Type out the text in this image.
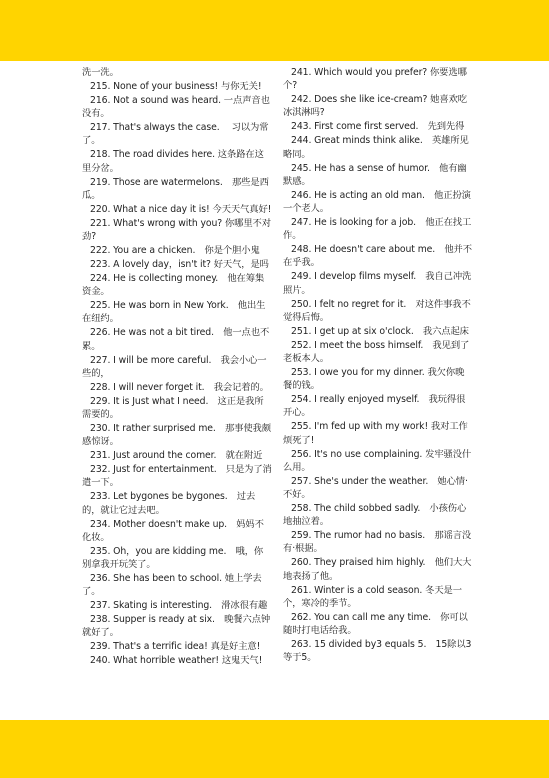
洗一洗。

215. None of your business! 与你无关!

216. Not a sound was heard. 一点声音也没有。

217. That's always the case.　 习以为常了。

218. The road divides here. 这条路在这里分岔。

219. Those are watermelons.　那些是西瓜。

220. What a nice day it is! 今天天气真好!

221. What's wrong with you? 你哪里不对劲?

222. You are a chicken.　你是个胆小鬼

223. A lovely day，isn't it? 好天气，是吗

224. He is collecting money.　他在筹集资金。

225. He was born in New York.　他出生在纽约。

226. He was not a bit tired.　他一点也不累。

227. I will be more careful.　我会小心一些的，

228. I will never forget it.　我会记着的。

229. It is Just what I need.　这正是我所需要的。

230. It rather surprised me.　那事使我颇感惊讶。

231. Just around the comer.　就在附近

232. Just for entertainment.　只是为了消遣一下。

233. Let bygones be bygones.　过去的，就让它过去吧。

234. Mother doesn't make up.　妈妈不化妆。

235. Oh，you are kidding me.　哦，你别拿我开玩笑了。

236. She has been to school. 她上学去了。

237. Skating is interesting.　滑冰很有趣

238. Supper is ready at six.　晚餐六点钟就好了。

239. That's a terrific idea! 真是好主意!

240. What horrible weather! 这鬼天气!

241. Which would you prefer? 你要选哪个?

242. Does she like ice-cream? 她喜欢吃冰淇淋吗?

243. First come first served.　先到先得

244. Great minds think alike.　英雄所见略同。

245. He has a sense of humor.　他有幽默感。

246. He is acting an old man.　他正扮演一个老人。

247. He is looking for a job.　他正在找工作。

248. He doesn't care about me.　他并不在乎我。

249. I develop films myself.　我自己冲洗照片。

250. I felt no regret for it.　对这件事我不觉得后悔。

251. I get up at six o'clock.　我六点起床

252. I meet the boss himself.　我见到了老板本人。

253. I owe you for my dinner. 我欠你晚餐的钱。

254. I really enjoyed myself.　我玩得很开心。

255. I'm fed up with my work! 我对工作烦死了!

256. It's no use complaining. 发牢骚没什么用。

257. She's under the weather.　她心情·不好。

258. The child sobbed sadly.　小孩伤心地抽泣着。

259. The rumor had no basis.　那谣言没有·根据。

260. They praised him highly.　他们大大地表扬了他。

261. Winter is a cold season. 冬天是一个，寒冷的季节。

262. You can call me any time.　你可以随时打电话给我。

263. 15 divided by3 equals 5.　15除以3等于5。
